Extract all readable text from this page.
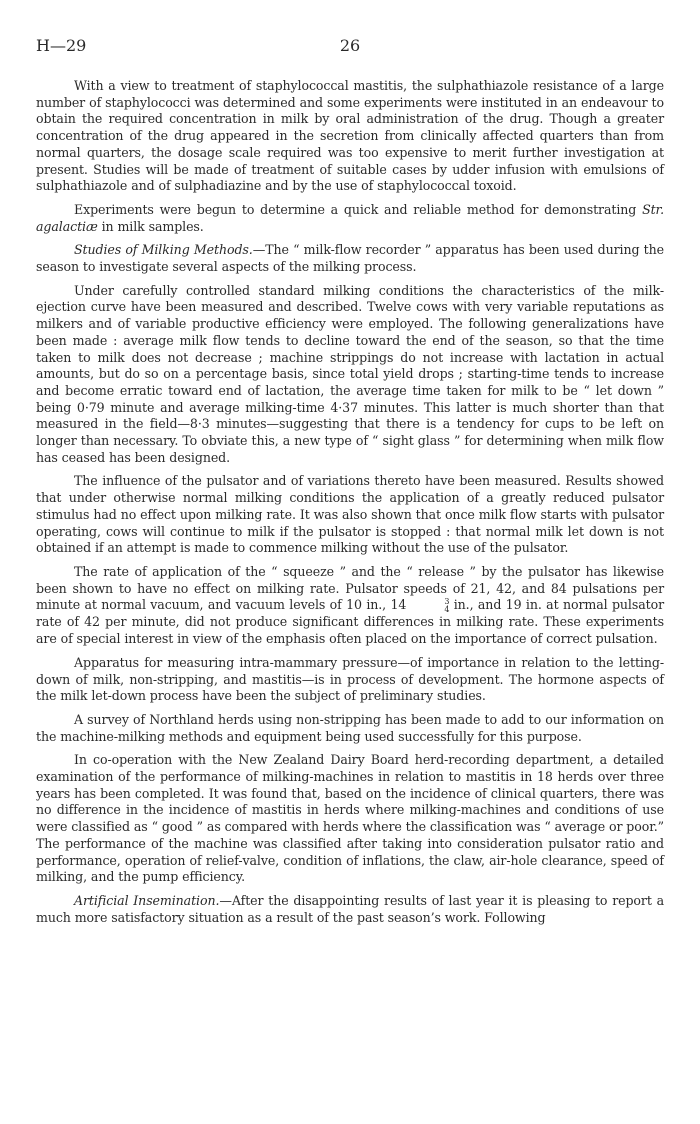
H—29	26

With a view to treatment of staphylococcal mastitis, the sulphathiazole resistance of a large number of staphylococci was determined and some experiments were instituted in an endeavour to obtain the required concentration in milk by oral administration of the drug. Though a greater concentration of the drug appeared in the secretion from clinically affected quarters than from normal quarters, the dosage scale required was too expensive to merit further investigation at present. Studies will be made of treatment of suitable cases by udder infusion with emulsions of sulphathiazole and of sulphadiazine and by the use of staphylococcal toxoid.

Experiments were begun to determine a quick and reliable method for demonstrating Str. agalactiæ in milk samples.

Studies of Milking Methods.—The “ milk-flow recorder ” apparatus has been used during the season to investigate several aspects of the milking process.

Under carefully controlled standard milking conditions the characteristics of the milk-ejection curve have been measured and described. Twelve cows with very variable reputations as milkers and of variable productive efficiency were employed. The following generalizations have been made : average milk flow tends to decline toward the end of the season, so that the time taken to milk does not decrease ; machine strippings do not increase with lactation in actual amounts, but do so on a percentage basis, since total yield drops ; starting-time tends to increase and become erratic toward end of lactation, the average time taken for milk to be “ let down ” being 0·79 minute and average milking-time 4·37 minutes. This latter is much shorter than that measured in the field—8·3 minutes—suggesting that there is a tendency for cups to be left on longer than necessary. To obviate this, a new type of “ sight glass ” for determining when milk flow has ceased has been designed.

The influence of the pulsator and of variations thereto have been measured. Results showed that under otherwise normal milking conditions the application of a greatly reduced pulsator stimulus had no effect upon milking rate. It was also shown that once milk flow starts with pulsator operating, cows will continue to milk if the pulsator is stopped : that normal milk let down is not obtained if an attempt is made to commence milking without the use of the pulsator.

The rate of application of the “ squeeze ” and the “ release ” by the pulsator has likewise been shown to have no effect on milking rate. Pulsator speeds of 21, 42, and 84 pulsations per minute at normal vacuum, and vacuum levels of 10 in., 14	3
4 in., and 19 in. at normal pulsator rate of 42 per minute, did not produce significant differences in milking rate. These experiments are of special interest in view of the emphasis often placed on the importance of correct pulsation.

Apparatus for measuring intra-mammary pressure—of importance in relation to the letting-down of milk, non-stripping, and mastitis—is in process of development. The hormone aspects of the milk let-down process have been the subject of preliminary studies.

A survey of Northland herds using non-stripping has been made to add to our information on the machine-milking methods and equipment being used successfully for this purpose.

In co-operation with the New Zealand Dairy Board herd-recording department, a detailed examination of the performance of milking-machines in relation to mastitis in 18 herds over three years has been completed. It was found that, based on the incidence of clinical quarters, there was no difference in the incidence of mastitis in herds where milking-machines and conditions of use were classified as “ good ” as compared with herds where the classification was “ average or poor.” The performance of the machine was classified after taking into consideration pulsator ratio and performance, operation of relief-valve, condition of inflations, the claw, air-hole clearance, speed of milking, and the pump efficiency.

Artificial Insemination.—After the disappointing results of last year it is pleasing to report a much more satisfactory situation as a result of the past season’s work. Following
